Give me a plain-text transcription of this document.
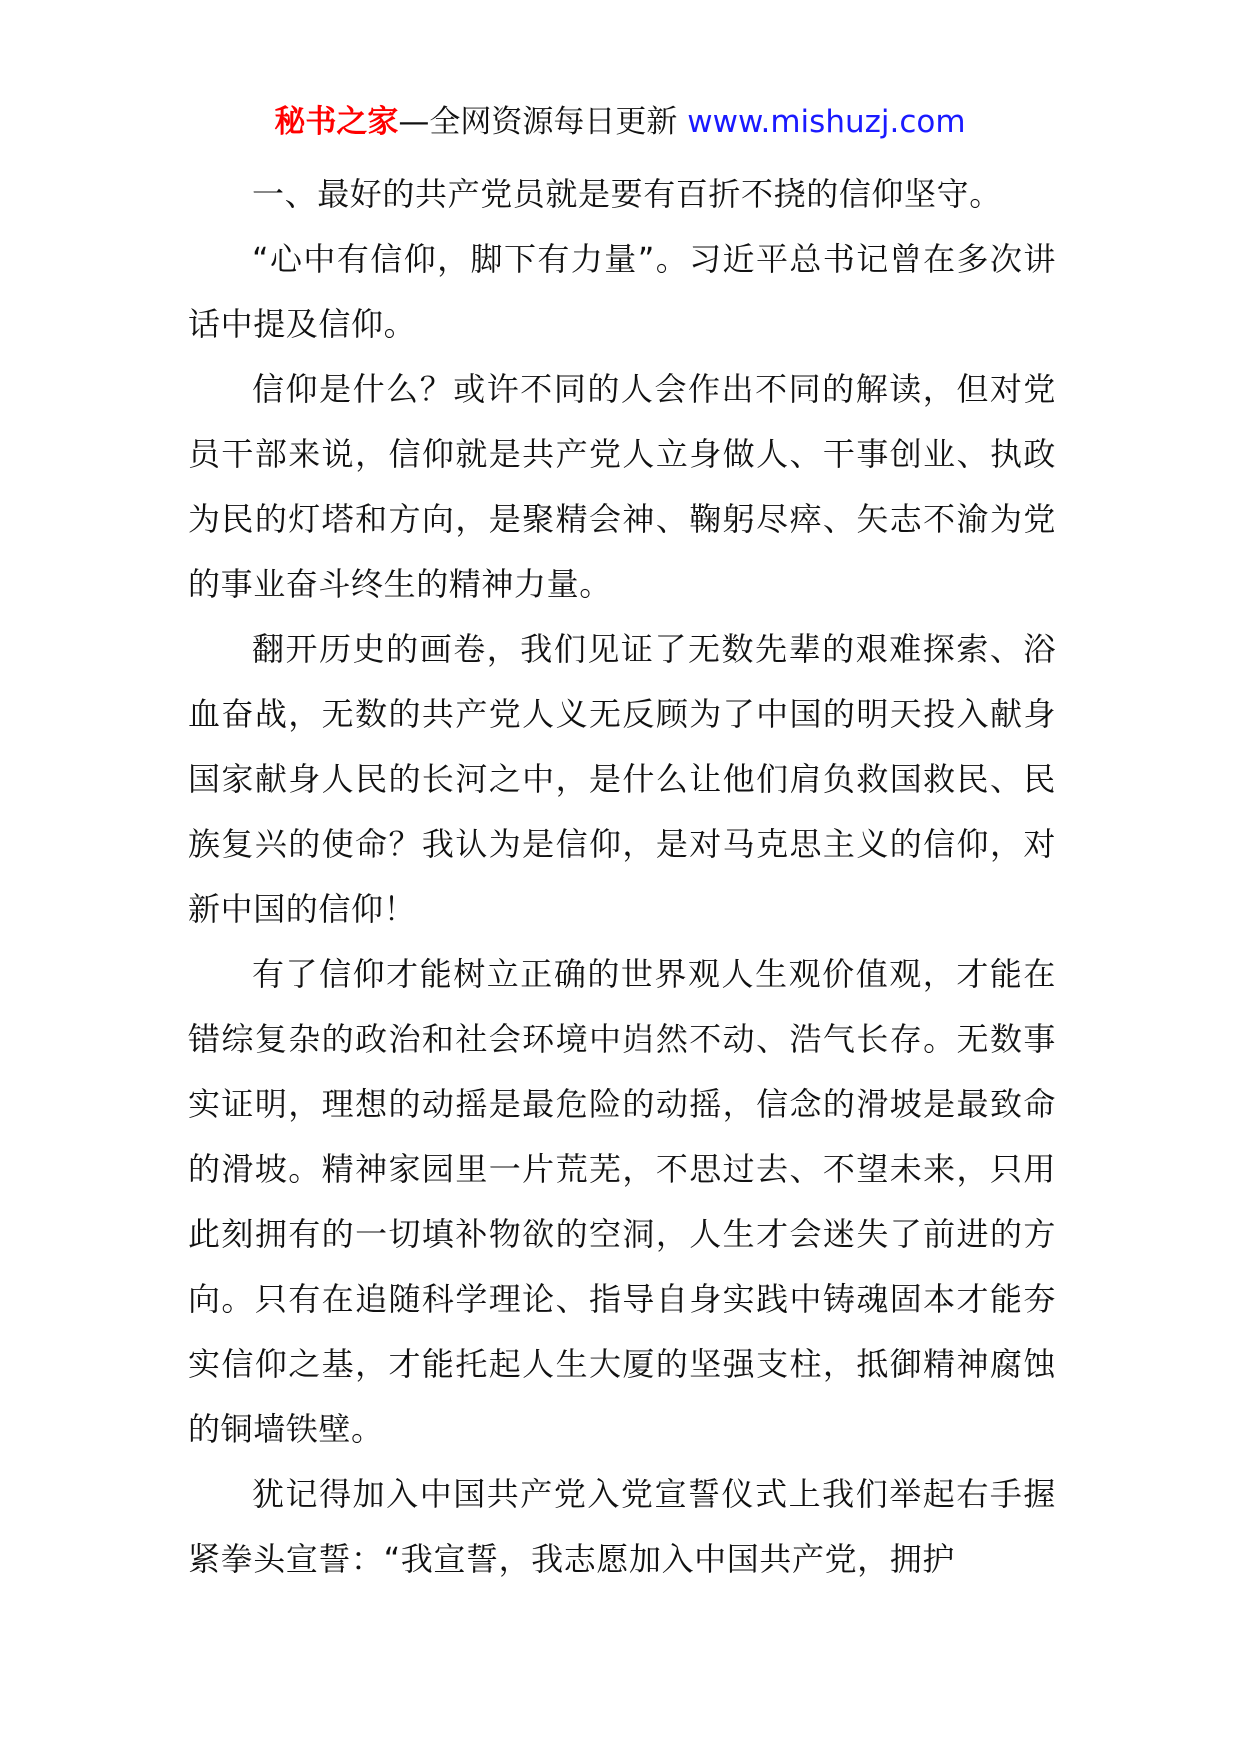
秘书之家—全网资源每日更新 www.mishuzj.com

一、最好的共产党员就是要有百折不挠的信仰坚守。

“心中有信仰，脚下有力量”。习近平总书记曾在多次讲话中提及信仰。

信仰是什么？或许不同的人会作出不同的解读，但对党员干部来说，信仰就是共产党人立身做人、干事创业、执政为民的灯塔和方向，是聚精会神、鞠躬尽瘁、矢志不渝为党的事业奋斗终生的精神力量。

翻开历史的画卷，我们见证了无数先辈的艰难探索、浴血奋战，无数的共产党人义无反顾为了中国的明天投入献身国家献身人民的长河之中，是什么让他们肩负救国救民、民族复兴的使命？我认为是信仰，是对马克思主义的信仰，对新中国的信仰！

有了信仰才能树立正确的世界观人生观价值观，才能在错综复杂的政治和社会环境中岿然不动、浩气长存。无数事实证明，理想的动摇是最危险的动摇，信念的滑坡是最致命的滑坡。精神家园里一片荒芜，不思过去、不望未来，只用此刻拥有的一切填补物欲的空洞，人生才会迷失了前进的方向。只有在追随科学理论、指导自身实践中铸魂固本才能夯实信仰之基，才能托起人生大厦的坚强支柱，抵御精神腐蚀的铜墙铁壁。

犹记得加入中国共产党入党宣誓仪式上我们举起右手握紧拳头宣誓：“我宣誓，我志愿加入中国共产党，拥护
